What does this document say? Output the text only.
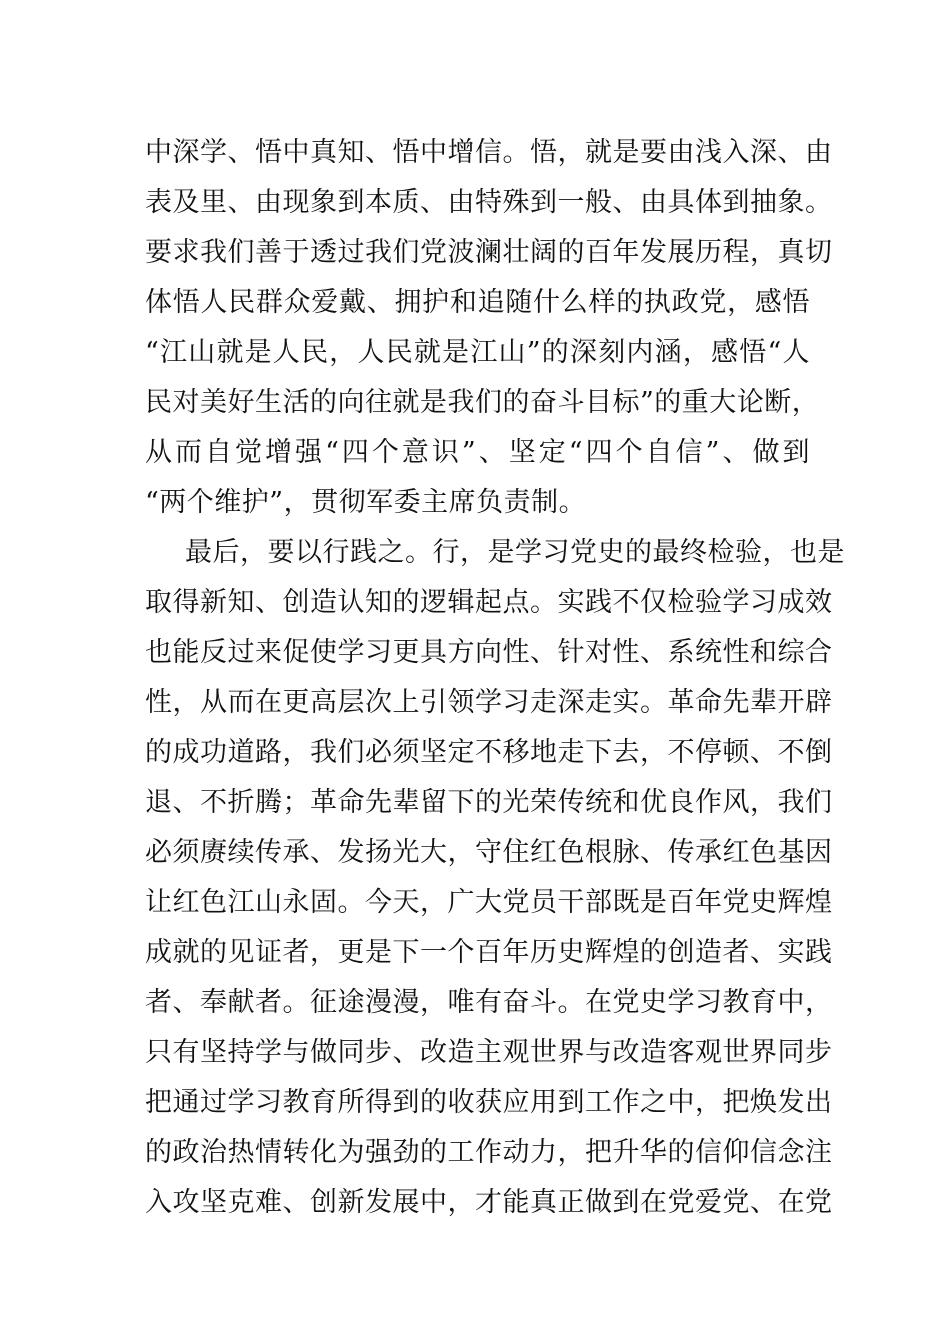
中深学、悟中真知、悟中增信。悟，就是要由浅入深、由
表及里、由现象到本质、由特殊到一般、由具体到抽象。
要求我们善于透过我们党波澜壮阔的百年发展历程，真切
体悟人民群众爱戴、拥护和追随什么样的执政党，感悟
“江山就是人民，人民就是江山”的深刻内涵，感悟“人
民对美好生活的向往就是我们的奋斗目标”的重大论断，
从而自觉增强“四个意识”、坚定“四个自信”、做到
“两个维护”，贯彻军委主席负责制。
最后，要以行践之。行，是学习党史的最终检验，也是
取得新知、创造认知的逻辑起点。实践不仅检验学习成效
也能反过来促使学习更具方向性、针对性、系统性和综合
性，从而在更高层次上引领学习走深走实。革命先辈开辟
的成功道路，我们必须坚定不移地走下去，不停顿、不倒
退、不折腾；革命先辈留下的光荣传统和优良作风，我们
必须赓续传承、发扬光大，守住红色根脉、传承红色基因
让红色江山永固。今天，广大党员干部既是百年党史辉煌
成就的见证者，更是下一个百年历史辉煌的创造者、实践
者、奉献者。征途漫漫，唯有奋斗。在党史学习教育中，
只有坚持学与做同步、改造主观世界与改造客观世界同步
把通过学习教育所得到的收获应用到工作之中，把焕发出
的政治热情转化为强劲的工作动力，把升华的信仰信念注
入攻坚克难、创新发展中，才能真正做到在党爱党、在党
